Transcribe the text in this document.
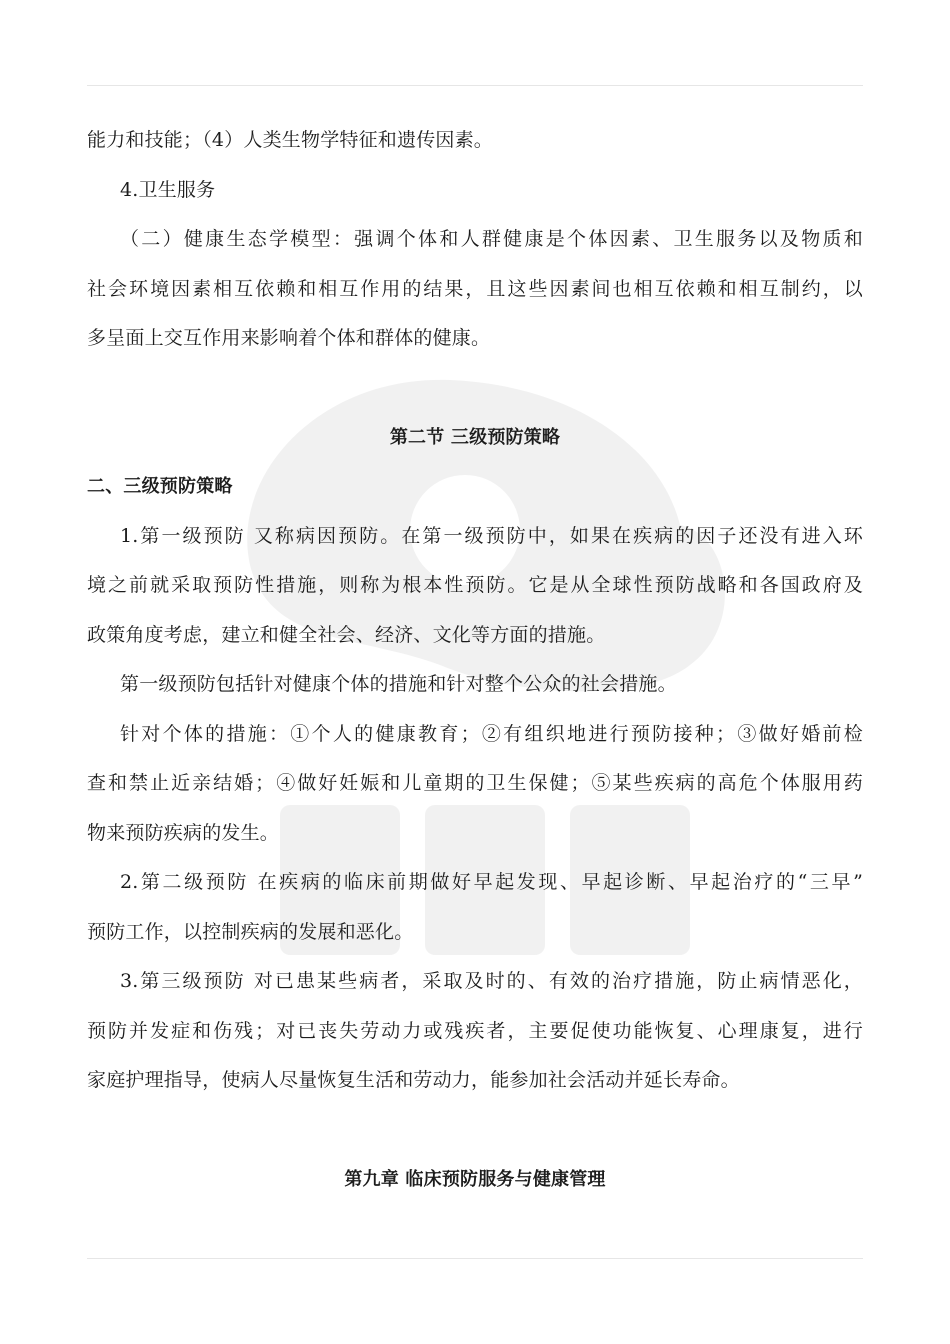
能力和技能；（4）人类生物学特征和遗传因素。
4.卫生服务
（二）健康生态学模型：强调个体和人群健康是个体因素、卫生服务以及物质和
社会环境因素相互依赖和相互作用的结果，且这些因素间也相互依赖和相互制约，以
多呈面上交互作用来影响着个体和群体的健康。
第二节 三级预防策略
二、三级预防策略
1.第一级预防 又称病因预防。在第一级预防中，如果在疾病的因子还没有进入环
境之前就采取预防性措施，则称为根本性预防。它是从全球性预防战略和各国政府及
政策角度考虑，建立和健全社会、经济、文化等方面的措施。
第一级预防包括针对健康个体的措施和针对整个公众的社会措施。
针对个体的措施：①个人的健康教育；②有组织地进行预防接种；③做好婚前检
查和禁止近亲结婚；④做好妊娠和儿童期的卫生保健；⑤某些疾病的高危个体服用药
物来预防疾病的发生。
2.第二级预防 在疾病的临床前期做好早起发现、早起诊断、早起治疗的“三早”
预防工作，以控制疾病的发展和恶化。
3.第三级预防 对已患某些病者，采取及时的、有效的治疗措施，防止病情恶化，
预防并发症和伤残；对已丧失劳动力或残疾者，主要促使功能恢复、心理康复，进行
家庭护理指导，使病人尽量恢复生活和劳动力，能参加社会活动并延长寿命。
第九章 临床预防服务与健康管理
